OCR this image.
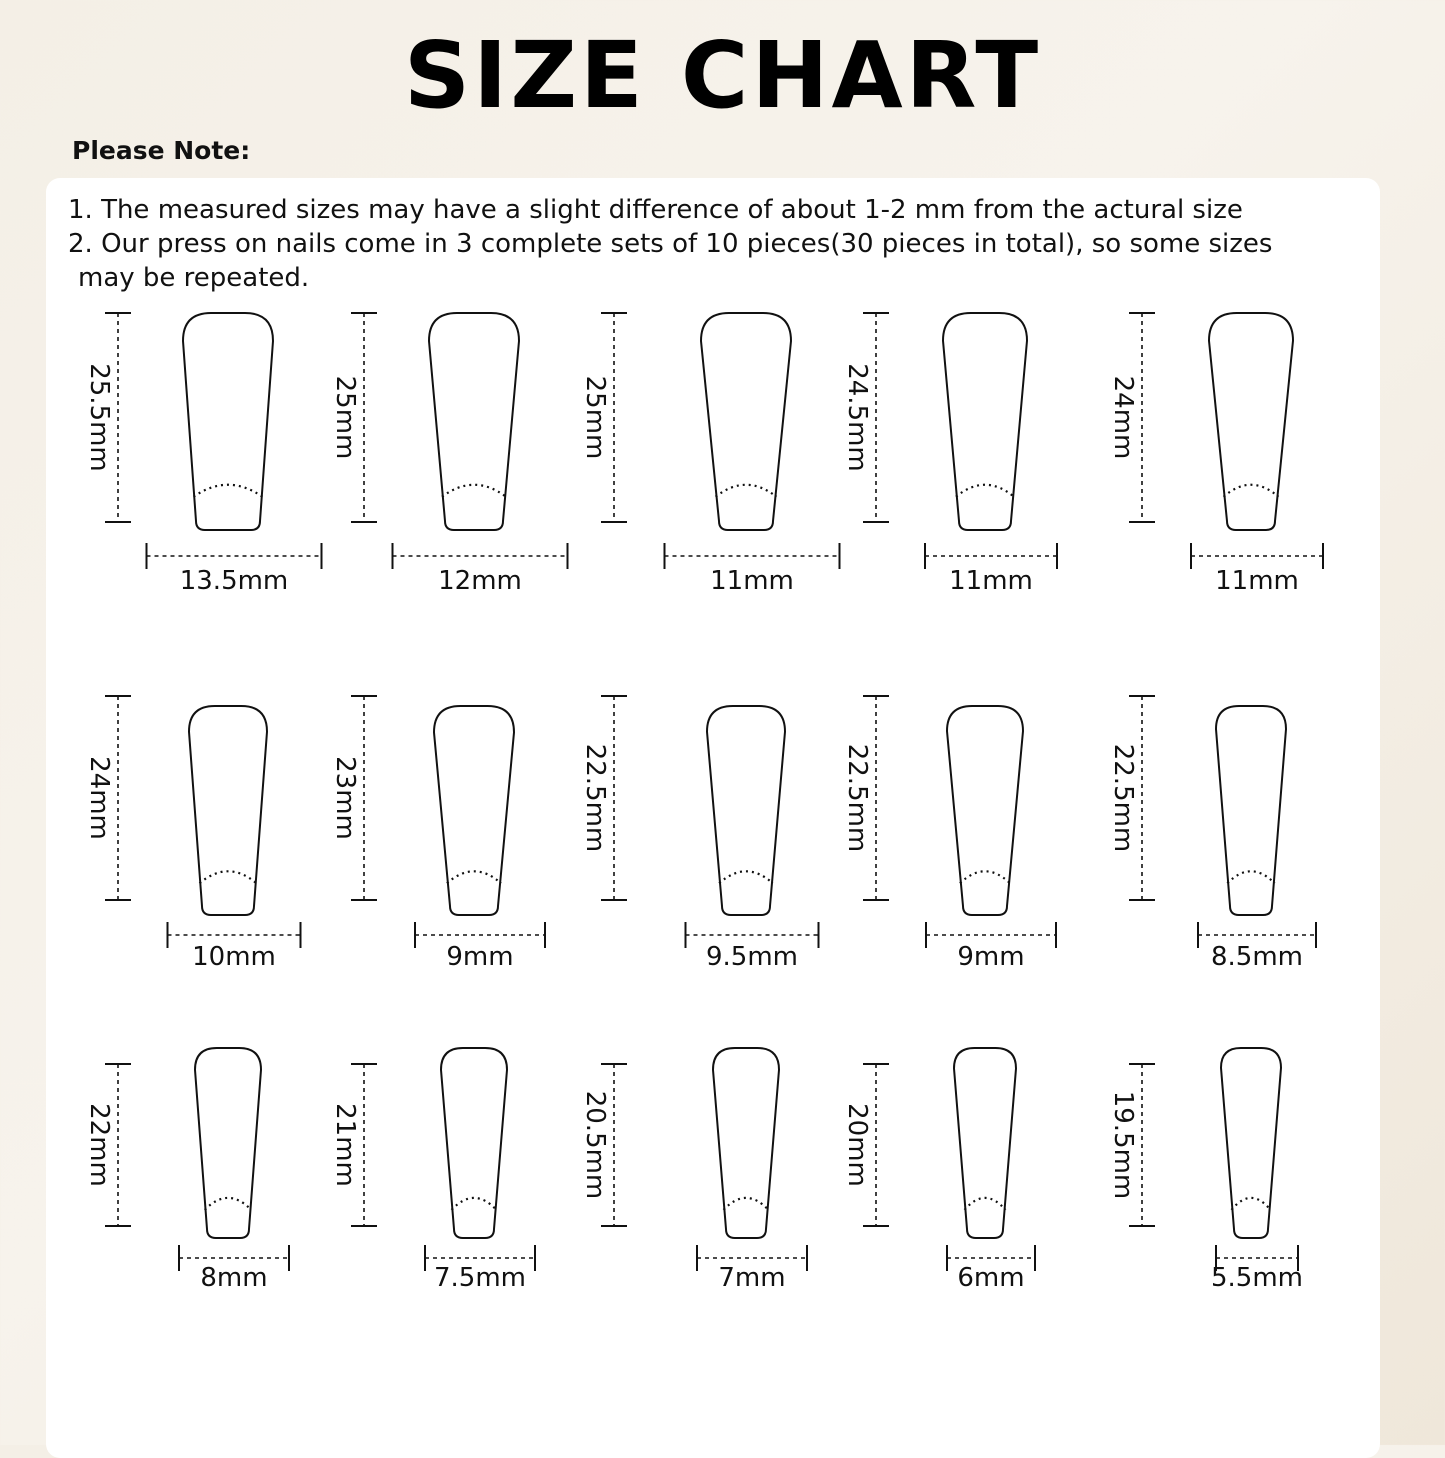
SIZE CHART
Please Note:
1. The measured sizes may have a slight difference of about 1-2 mm from the actural size
2. Our press on nails come in 3 complete sets of 10 pieces(30 pieces in total), so some sizes
may be repeated.
25.5mm
13.5mm
25mm
12mm
25mm
11mm
24.5mm
11mm
24mm
11mm
24mm
10mm
23mm
9mm
22.5mm
9.5mm
22.5mm
9mm
22.5mm
8.5mm
22mm
8mm
21mm
7.5mm
20.5mm
7mm
20mm
6mm
19.5mm
5.5mm
